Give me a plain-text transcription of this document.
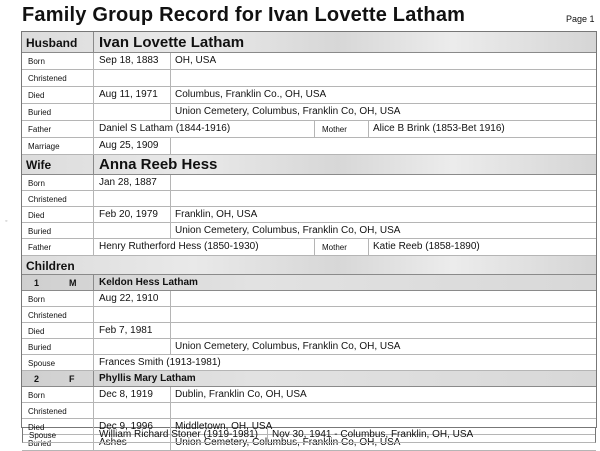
Family Group Record for Ivan Lovette Latham	Page 1
◦
Husband Ivan Lovette Latham
Born	Sep 18, 1883 OH, USA
Christened
Died	Aug 11, 1971 Columbus, Franklin Co., OH, USA
Buried	Union Cemetery, Columbus, Franklin Co, OH, USA
Father	Daniel S Latham (1844-1916)	Mother	Alice B Brink (1853-Bet 1916)
Marriage	Aug 25, 1909
Wife	Anna Reeb Hess
Born	Jan 28, 1887
Christened
Died	Feb 20, 1979 Franklin, OH, USA
Buried	Union Cemetery, Columbus, Franklin Co, OH, USA
Father	Henry Rutherford Hess (1850-1930)	Mother	Katie Reeb (1858-1890)
Children
1	M Keldon Hess Latham
Born	Aug 22, 1910
Christened
Died	Feb 7, 1981
Buried	Union Cemetery, Columbus, Franklin Co, OH, USA
Spouse	Frances Smith (1913-1981)
2	F Phyllis Mary Latham
Born	Dec 8, 1919 Dublin, Franklin Co, OH, USA
Christened
Died	Dec 9, 1996 Middletown, OH, USA
Buried	Ashes	Union Cemetery, Columbus, Franklin Co, OH, USA
Spouse	William Richard Stoner (1919-1981) Nov 30, 1941 - Columbus, Franklin, OH, USA
